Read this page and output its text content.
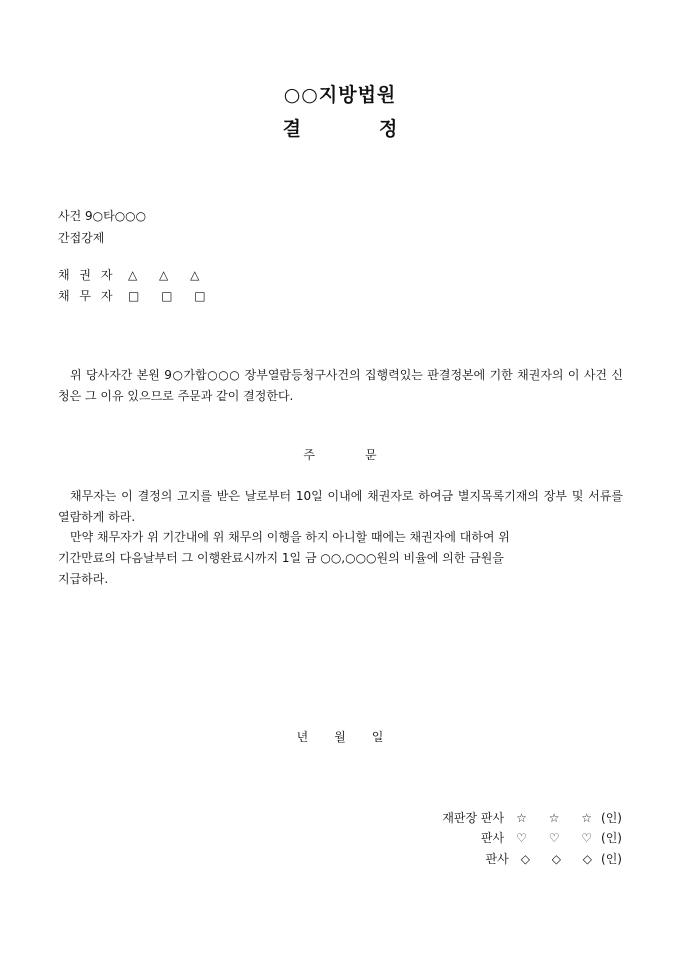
○○지방법원
결	정
사건 9○타○○○
간접강제
채 권 자 △ △ △
채 무 자 □ □ □
위 당사자간 본원 9○가합○○○ 장부열람등청구사건의 집행력있는 판결정본에 기한 채권자의 이 사건 신청은 그 이유 있으므로 주문과 같이 결정한다.
주	문
채무자는 이 결정의 고지를 받은 날로부터 10일 이내에 채권자로 하여금 별지목록기재의 장부 및 서류를 열람하게 하라.
만약 채무자가 위 기간내에 위 채무의 이행을 하지 아니할 때에는 채권자에 대하여 위
기간만료의 다음날부터 그 이행완료시까지 1일 금 ○○,○○○원의 비율에 의한 금원을
지급하라.
년 월 일
재판장 판사 ☆ ☆ ☆(인)
판사 ♡ ♡ ♡(인)
판사 ◇ ◇ ◇(인)
